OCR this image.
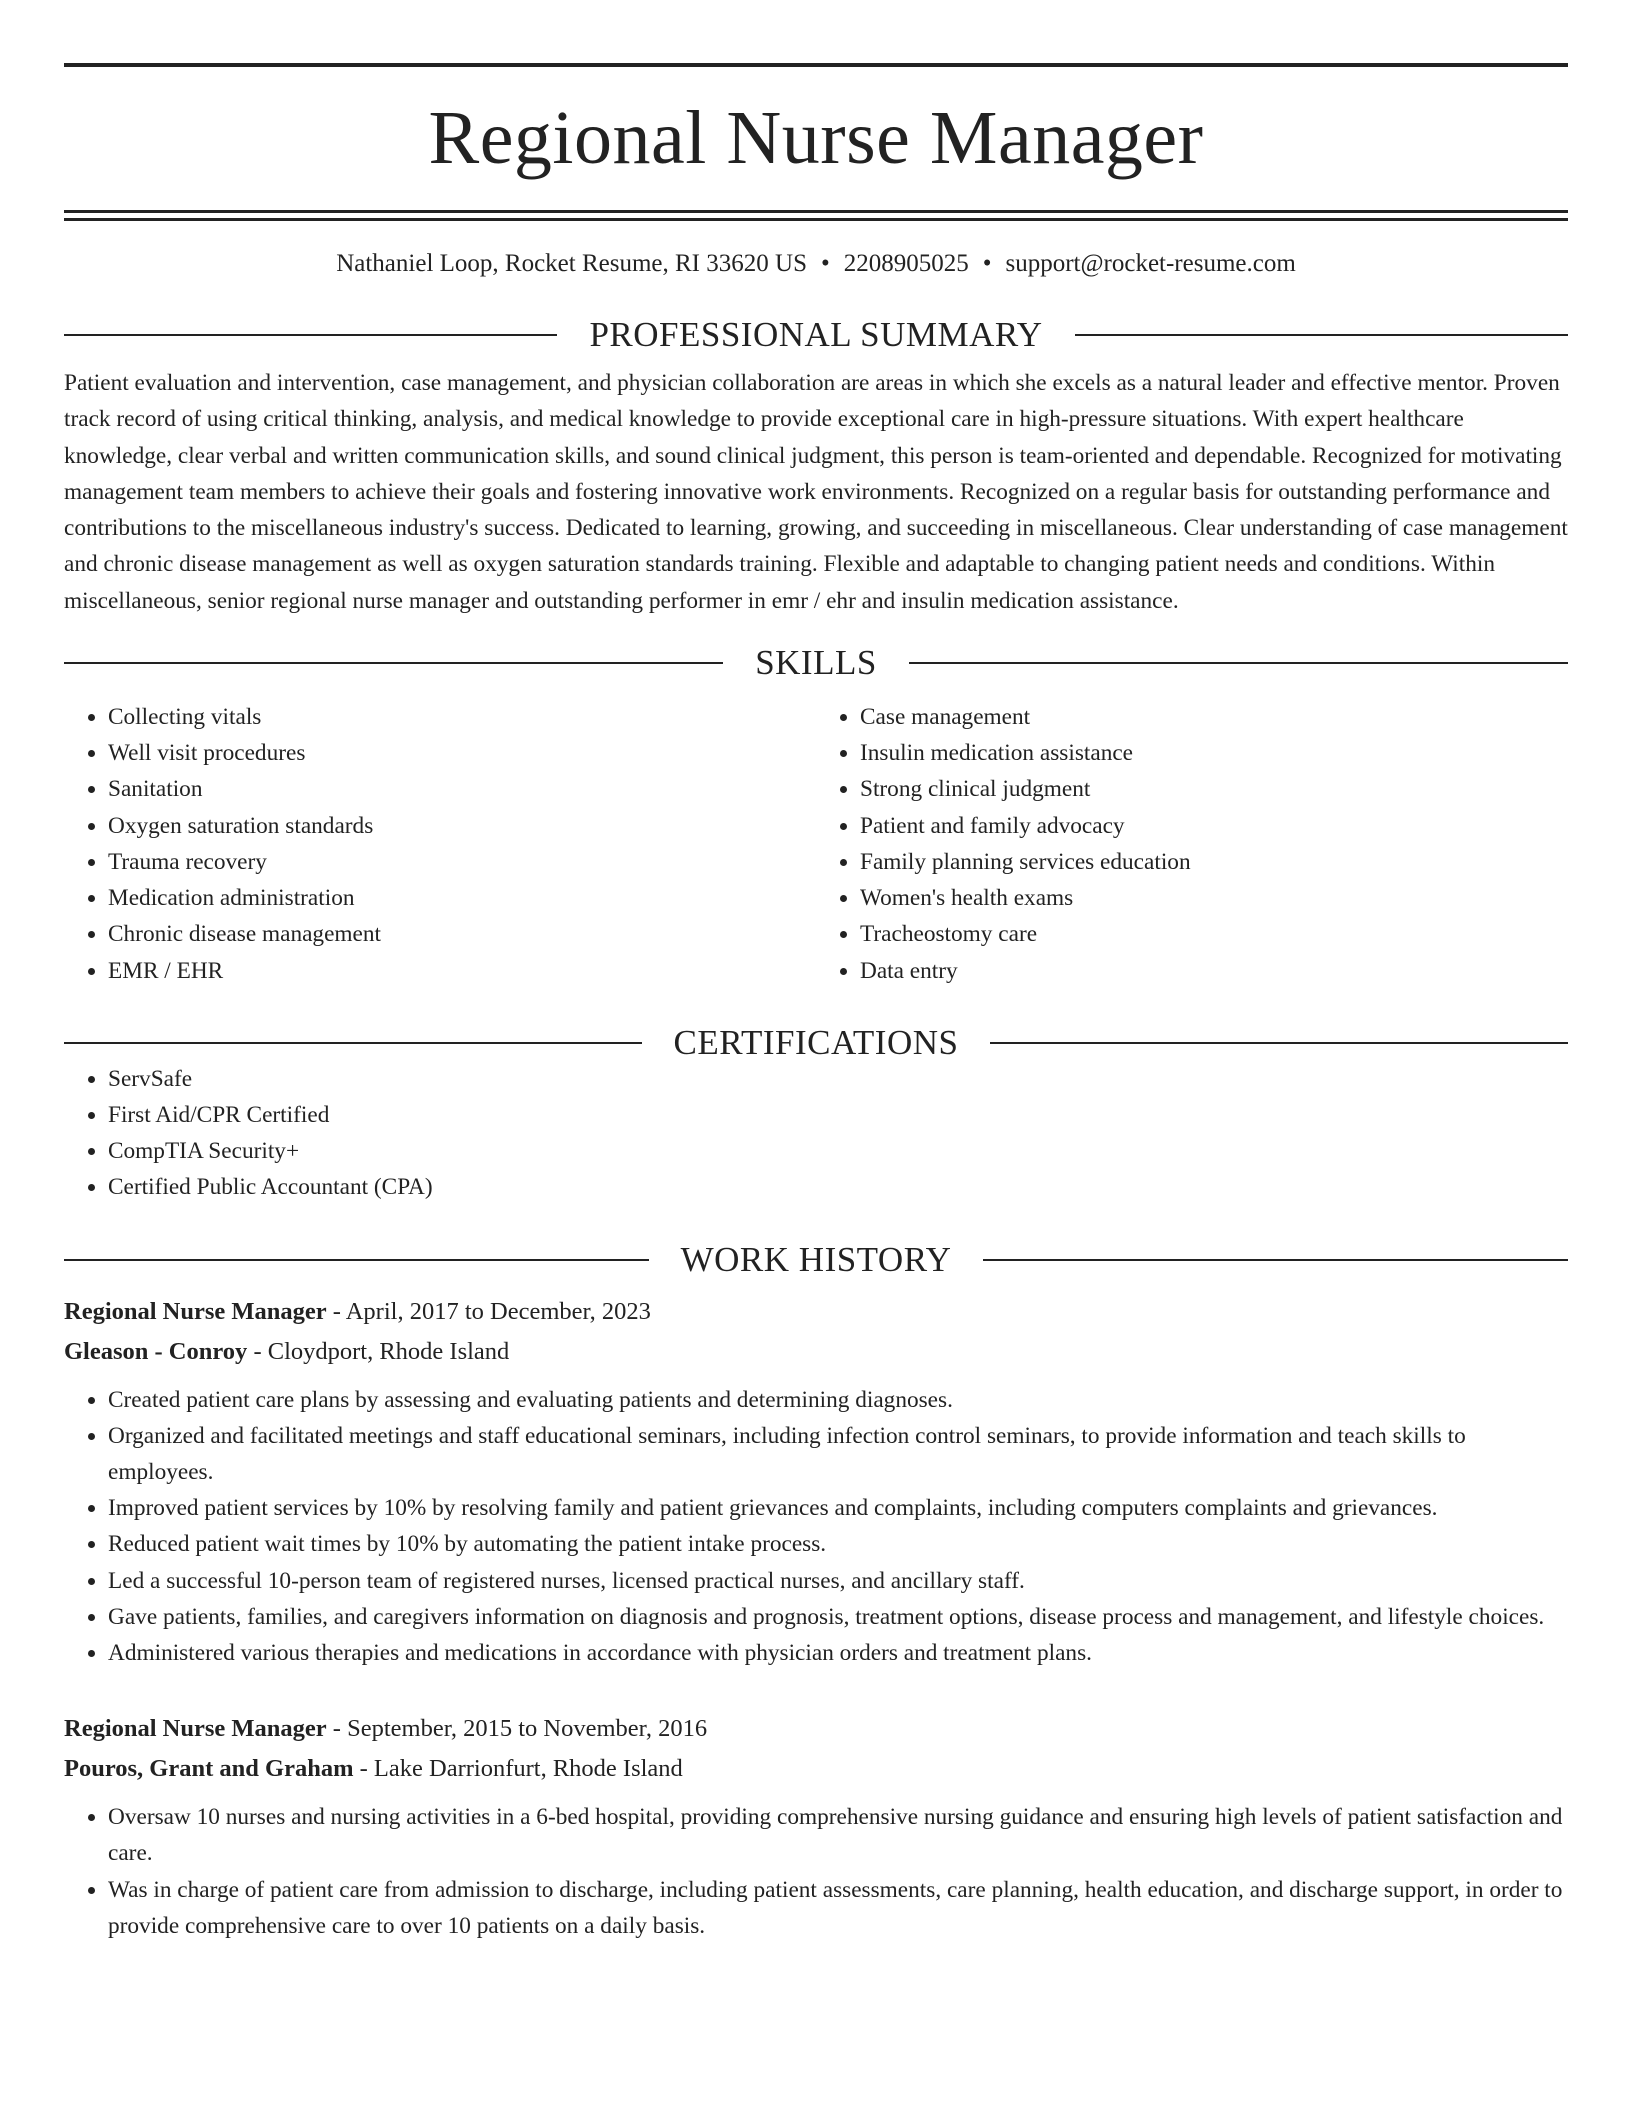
Regional Nurse Manager
Nathaniel Loop, Rocket Resume, RI 33620 US • 2208905025 • support@rocket-resume.com
PROFESSIONAL SUMMARY

Patient evaluation and intervention, case management, and physician collaboration are areas in which she excels as a natural leader and effective mentor. Proven track record of using critical thinking, analysis, and medical knowledge to provide exceptional care in high-pressure situations. With expert healthcare knowledge, clear verbal and written communication skills, and sound clinical judgment, this person is team-oriented and dependable. Recognized for motivating management team members to achieve their goals and fostering innovative work environments. Recognized on a regular basis for outstanding performance and contributions to the miscellaneous industry's success. Dedicated to learning, growing, and succeeding in miscellaneous. Clear understanding of case management and chronic disease management as well as oxygen saturation standards training. Flexible and adaptable to changing patient needs and conditions. Within miscellaneous, senior regional nurse manager and outstanding performer in emr / ehr and insulin medication assistance.

SKILLS
• Collecting vitals
• Well visit procedures
• Sanitation
• Oxygen saturation standards
• Trauma recovery
• Medication administration
• Chronic disease management
• EMR / EHR
• Case management
• Insulin medication assistance
• Strong clinical judgment
• Patient and family advocacy
• Family planning services education
• Women's health exams
• Tracheostomy care
• Data entry
CERTIFICATIONS
• ServSafe
• First Aid/CPR Certified
• CompTIA Security+
• Certified Public Accountant (CPA)
WORK HISTORY
Regional Nurse Manager - April, 2017 to December, 2023
Gleason - Conroy - Cloydport, Rhode Island
• Created patient care plans by assessing and evaluating patients and determining diagnoses.
• Organized and facilitated meetings and staff educational seminars, including infection control seminars, to provide information and teach skills to employees.
• Improved patient services by 10% by resolving family and patient grievances and complaints, including computers complaints and grievances.
• Reduced patient wait times by 10% by automating the patient intake process.
• Led a successful 10-person team of registered nurses, licensed practical nurses, and ancillary staff.
• Gave patients, families, and caregivers information on diagnosis and prognosis, treatment options, disease process and management, and lifestyle choices.
• Administered various therapies and medications in accordance with physician orders and treatment plans.
Regional Nurse Manager - September, 2015 to November, 2016
Pouros, Grant and Graham - Lake Darrionfurt, Rhode Island
• Oversaw 10 nurses and nursing activities in a 6-bed hospital, providing comprehensive nursing guidance and ensuring high levels of patient satisfaction and care.
• Was in charge of patient care from admission to discharge, including patient assessments, care planning, health education, and discharge support, in order to provide comprehensive care to over 10 patients on a daily basis.
